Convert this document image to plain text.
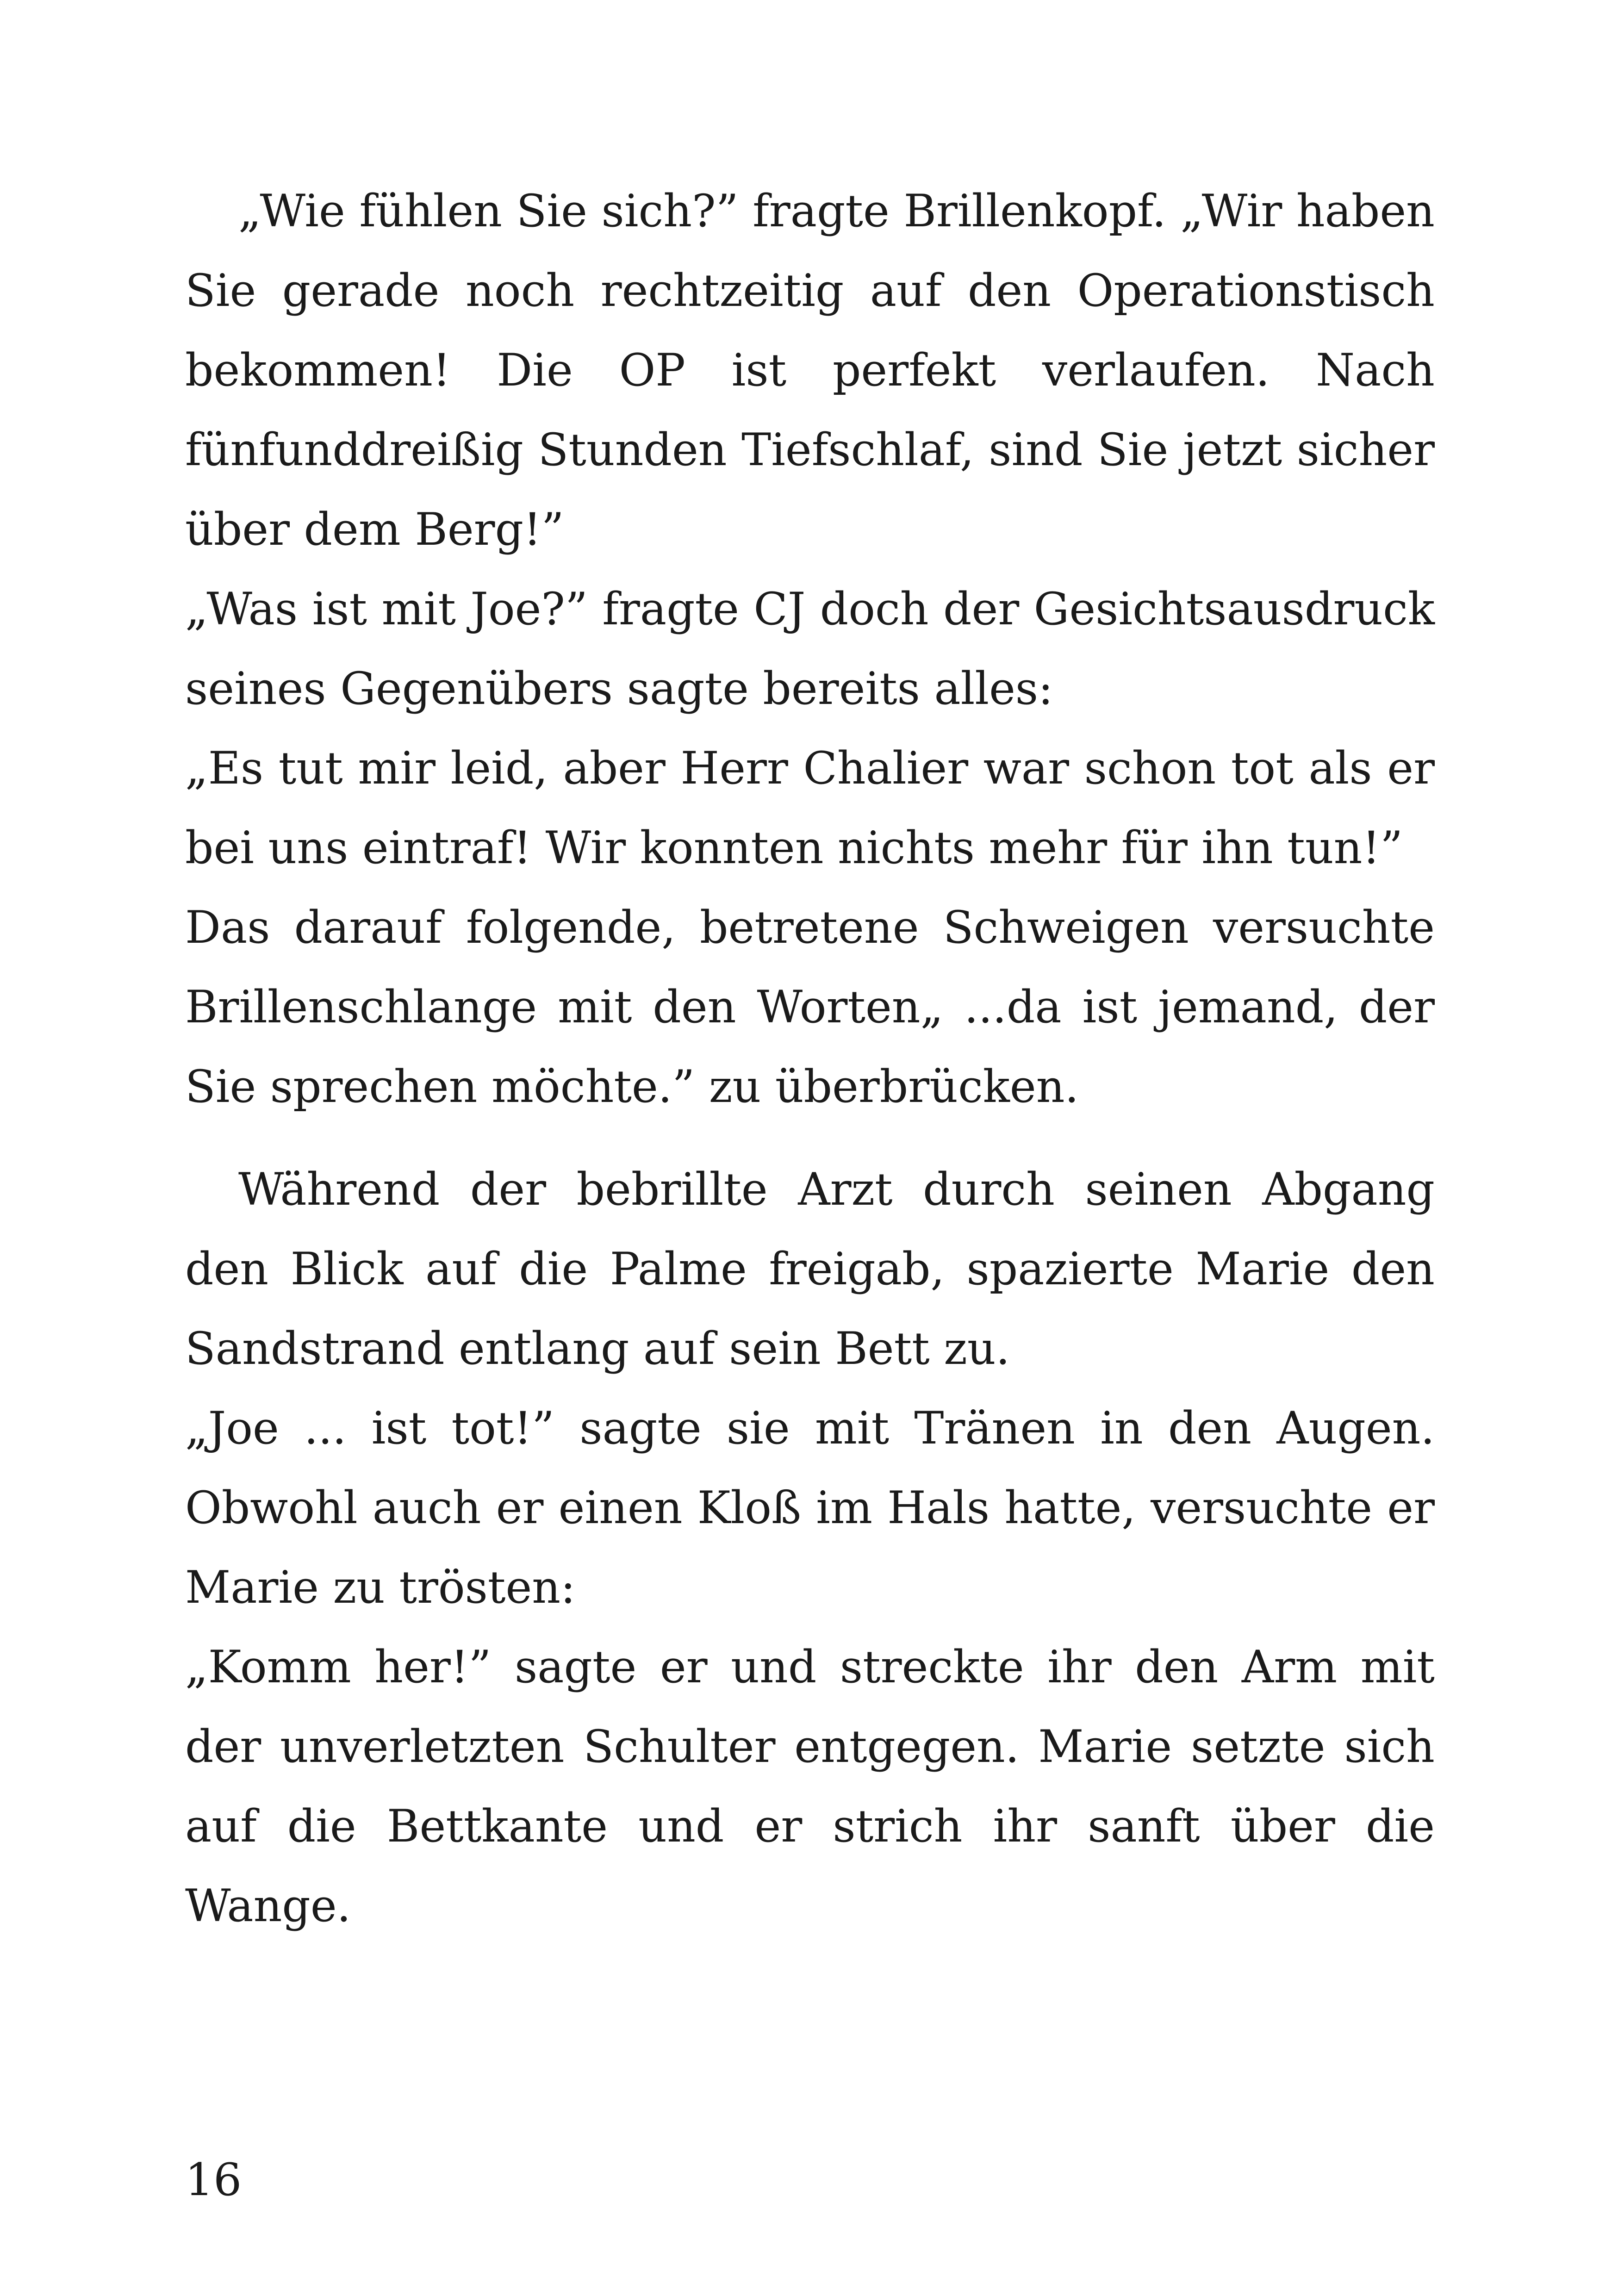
„Wie fühlen Sie sich?” fragte Brillenkopf. „Wir haben Sie gerade noch rechtzeitig auf den Operationstisch bekommen! Die OP ist perfekt verlaufen. Nach fünfunddreißig Stunden Tiefschlaf, sind Sie jetzt sicher über dem Berg!”

„Was ist mit Joe?” fragte CJ doch der Gesichtsausdruck seines Gegenübers sagte bereits alles:

„Es tut mir leid, aber Herr Chalier war schon tot als er bei uns eintraf! Wir konnten nichts mehr für ihn tun!”

Das darauf folgende, betretene Schweigen versuchte Brillenschlange mit den Worten„ ...da ist jemand, der Sie sprechen möchte.” zu überbrücken.

Während der bebrillte Arzt durch seinen Abgang den Blick auf die Palme freigab, spazierte Marie den Sandstrand entlang auf sein Bett zu.

„Joe ... ist tot!” sagte sie mit Tränen in den Augen. Obwohl auch er einen Kloß im Hals hatte, versuchte er Marie zu trösten:

„Komm her!” sagte er und streckte ihr den Arm mit der unverletzten Schulter entgegen. Marie setzte sich auf die Bettkante und er strich ihr sanft über die Wange.

16
